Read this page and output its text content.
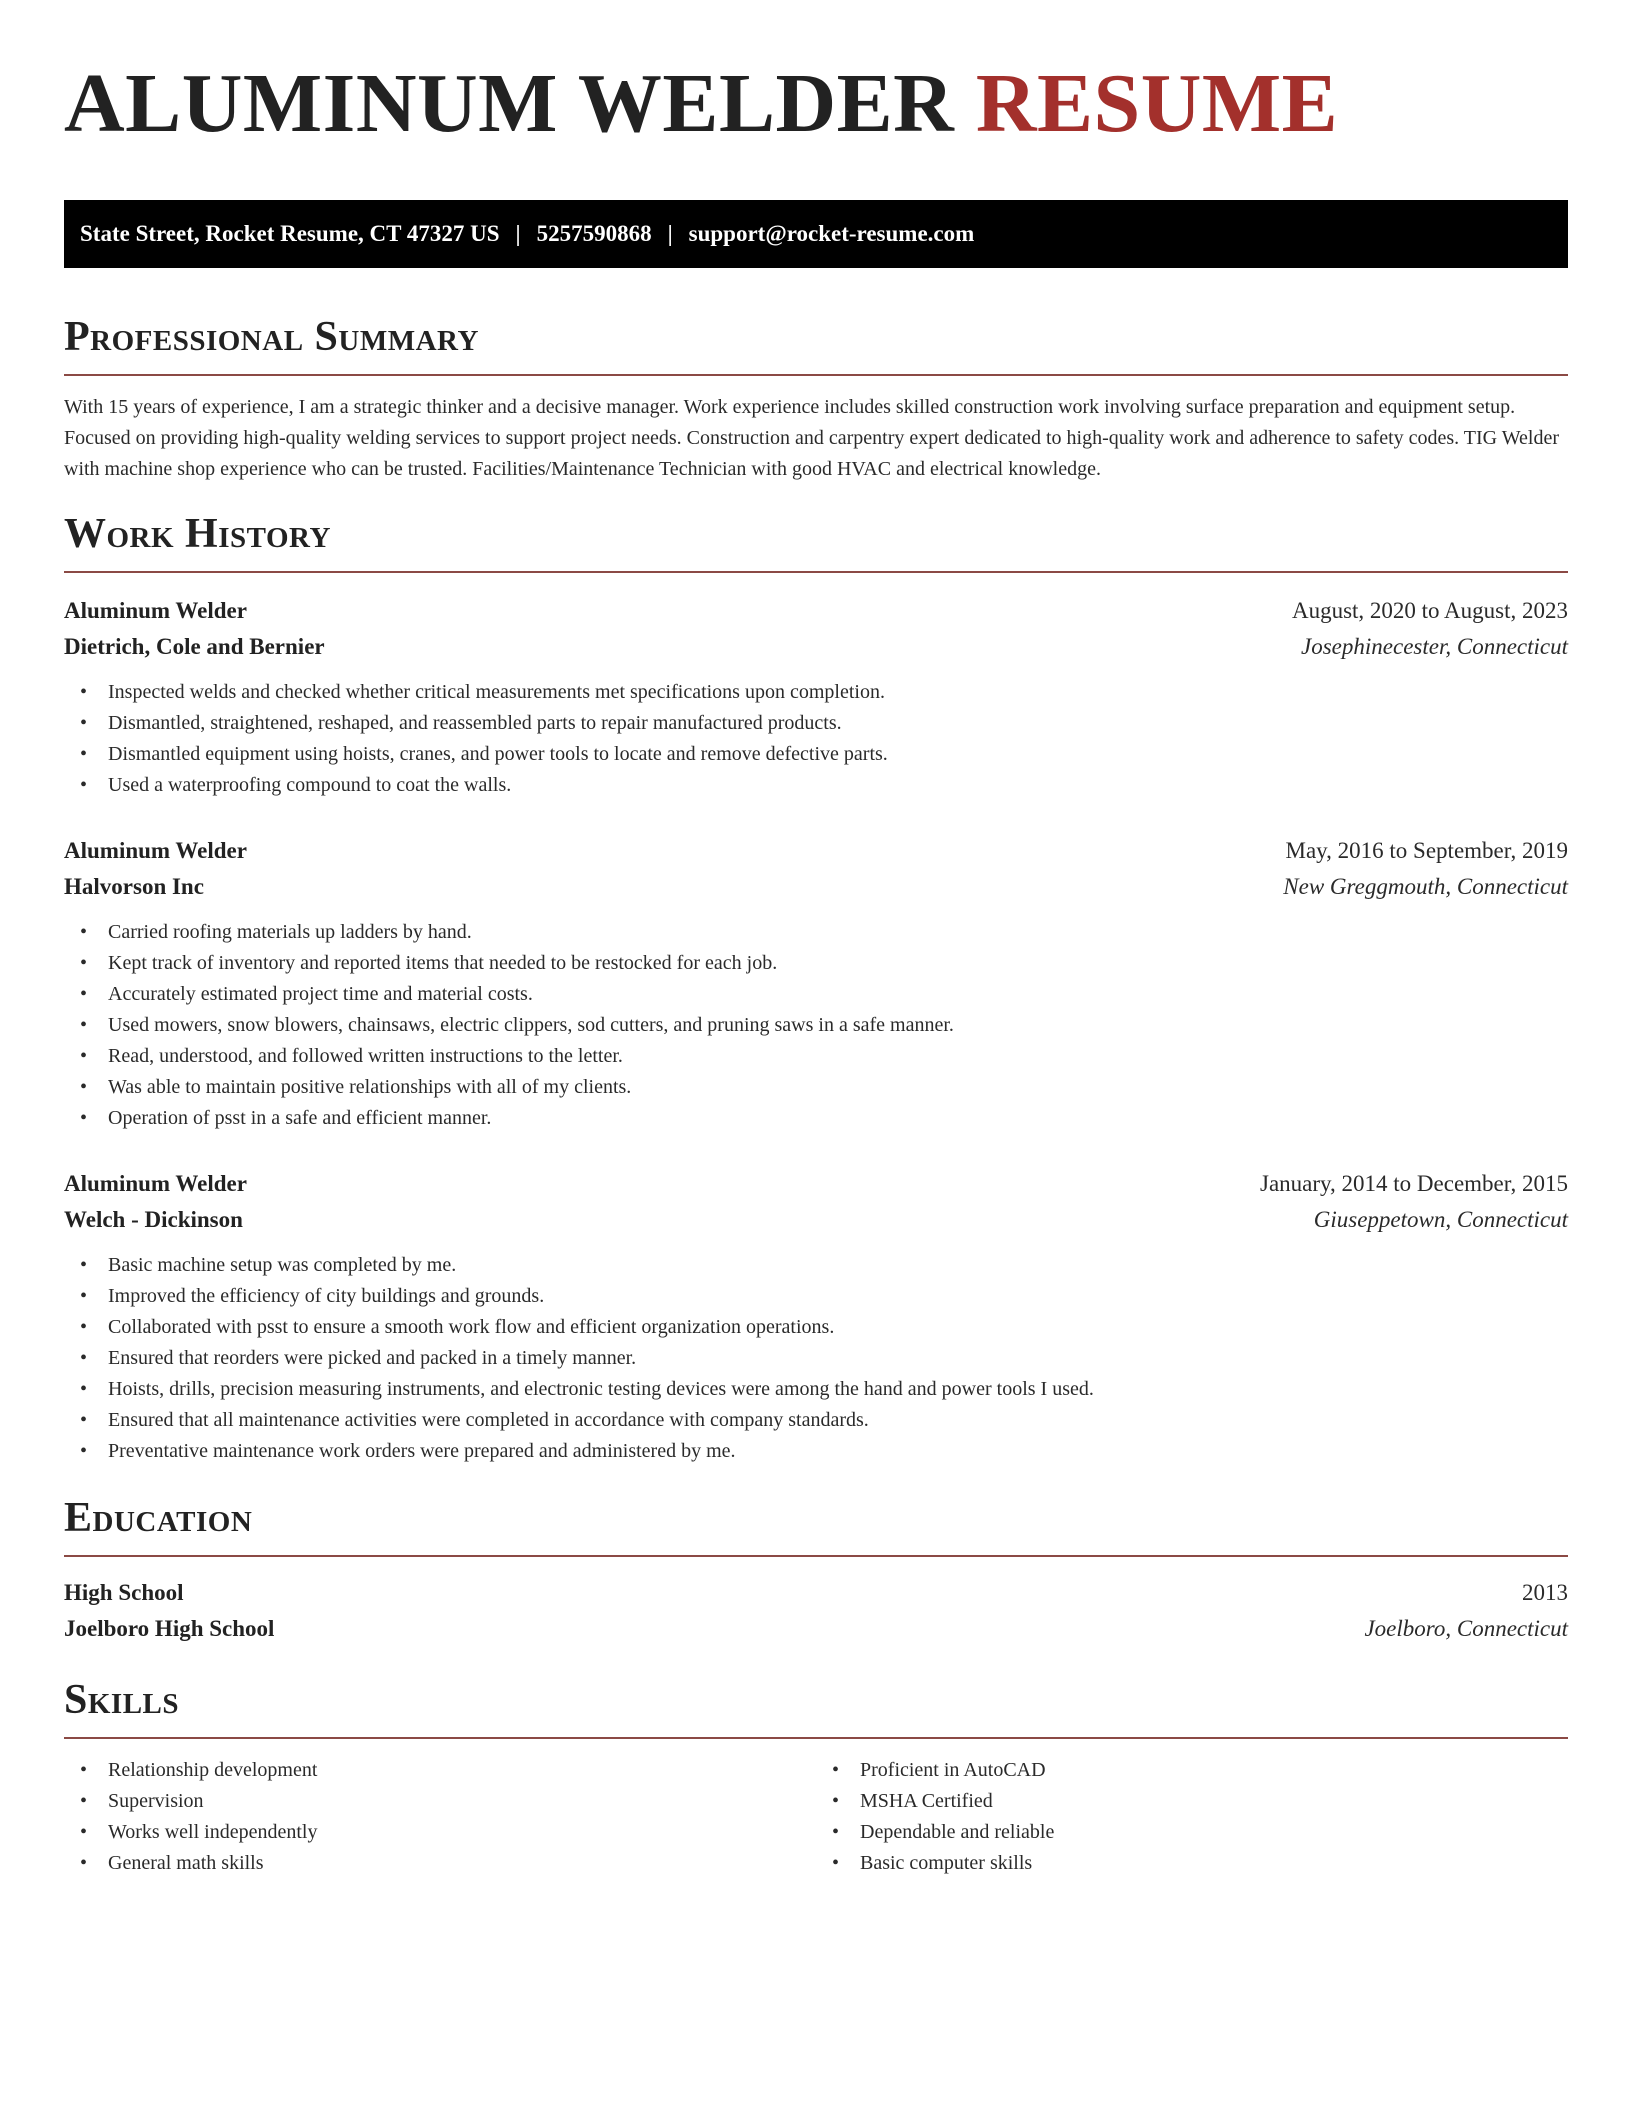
ALUMINUM WELDER RESUME
State Street, Rocket Resume, CT 47327 US | 5257590868 | support@rocket-resume.com
Professional Summary

With 15 years of experience, I am a strategic thinker and a decisive manager. Work experience includes skilled construction work involving surface preparation and equipment setup. Focused on providing high-quality welding services to support project needs. Construction and carpentry expert dedicated to high-quality work and adherence to safety codes. TIG Welder with machine shop experience who can be trusted. Facilities/Maintenance Technician with good HVAC and electrical knowledge.

Work History
Aluminum Welder	August, 2020 to August, 2023
Dietrich, Cole and Bernier	Josephinecester, Connecticut
• Inspected welds and checked whether critical measurements met specifications upon completion.
• Dismantled, straightened, reshaped, and reassembled parts to repair manufactured products.
• Dismantled equipment using hoists, cranes, and power tools to locate and remove defective parts.
• Used a waterproofing compound to coat the walls.
Aluminum Welder	May, 2016 to September, 2019
Halvorson Inc	New Greggmouth, Connecticut
• Carried roofing materials up ladders by hand.
• Kept track of inventory and reported items that needed to be restocked for each job.
• Accurately estimated project time and material costs.
• Used mowers, snow blowers, chainsaws, electric clippers, sod cutters, and pruning saws in a safe manner.
• Read, understood, and followed written instructions to the letter.
• Was able to maintain positive relationships with all of my clients.
• Operation of psst in a safe and efficient manner.
Aluminum Welder	January, 2014 to December, 2015
Welch - Dickinson	Giuseppetown, Connecticut
• Basic machine setup was completed by me.
• Improved the efficiency of city buildings and grounds.
• Collaborated with psst to ensure a smooth work flow and efficient organization operations.
• Ensured that reorders were picked and packed in a timely manner.
• Hoists, drills, precision measuring instruments, and electronic testing devices were among the hand and power tools I used.
• Ensured that all maintenance activities were completed in accordance with company standards.
• Preventative maintenance work orders were prepared and administered by me.
Education
High School	2013
Joelboro High School	Joelboro, Connecticut
Skills
• Relationship development
• Supervision
• Works well independently
• General math skills
• Proficient in AutoCAD
• MSHA Certified
• Dependable and reliable
• Basic computer skills
